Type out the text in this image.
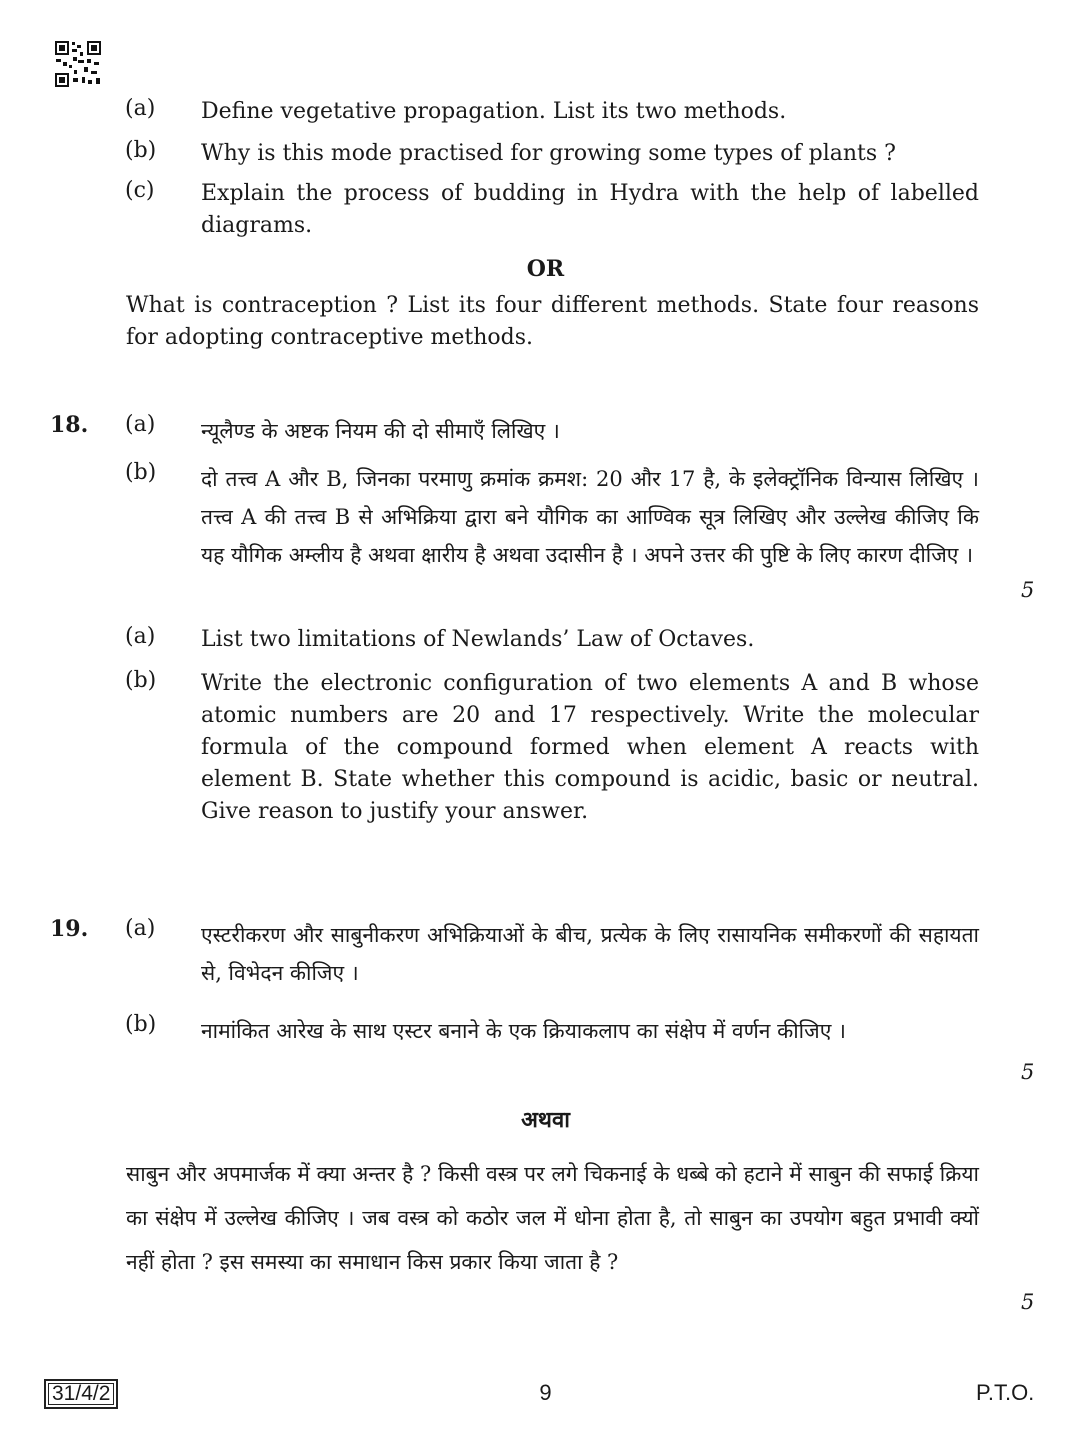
(a) Define vegetative propagation. List its two methods.
(b) Why is this mode practised for growing some types of plants ?
(c) Explain the process of budding in Hydra with the help of labelled diagrams.
OR
What is contraception ? List its four different methods. State four reasons for adopting contraceptive methods.
18. (a) न्यूलैण्ड के अष्टक नियम की दो सीमाएँ लिखिए ।
(b) दो तत्त्व A और B, जिनका परमाणु क्रमांक क्रमश: 20 और 17 है, के इलेक्ट्रॉनिक विन्यास लिखिए । तत्त्व A की तत्त्व B से अभिक्रिया द्वारा बने यौगिक का आण्विक सूत्र लिखिए और उल्लेख कीजिए कि यह यौगिक अम्लीय है अथवा क्षारीय है अथवा उदासीन है । अपने उत्तर की पुष्टि के लिए कारण दीजिए ।
5
(a) List two limitations of Newlands’ Law of Octaves.
(b) Write the electronic configuration of two elements A and B whose atomic numbers are 20 and 17 respectively. Write the molecular formula of the compound formed when element A reacts with element B. State whether this compound is acidic, basic or neutral. Give reason to justify your answer.
19. (a) एस्टरीकरण और साबुनीकरण अभिक्रियाओं के बीच, प्रत्येक के लिए रासायनिक समीकरणों की सहायता से, विभेदन कीजिए ।
(b) नामांकित आरेख के साथ एस्टर बनाने के एक क्रियाकलाप का संक्षेप में वर्णन कीजिए ।
5
अथवा
साबुन और अपमार्जक में क्या अन्तर है ? किसी वस्त्र पर लगे चिकनाई के धब्बे को हटाने में साबुन की सफाई क्रिया का संक्षेप में उल्लेख कीजिए । जब वस्त्र को कठोर जल में धोना होता है, तो साबुन का उपयोग बहुत प्रभावी क्यों नहीं होता ? इस समस्या का समाधान किस प्रकार किया जाता है ?
5
31/4/2	9	P.T.O.
